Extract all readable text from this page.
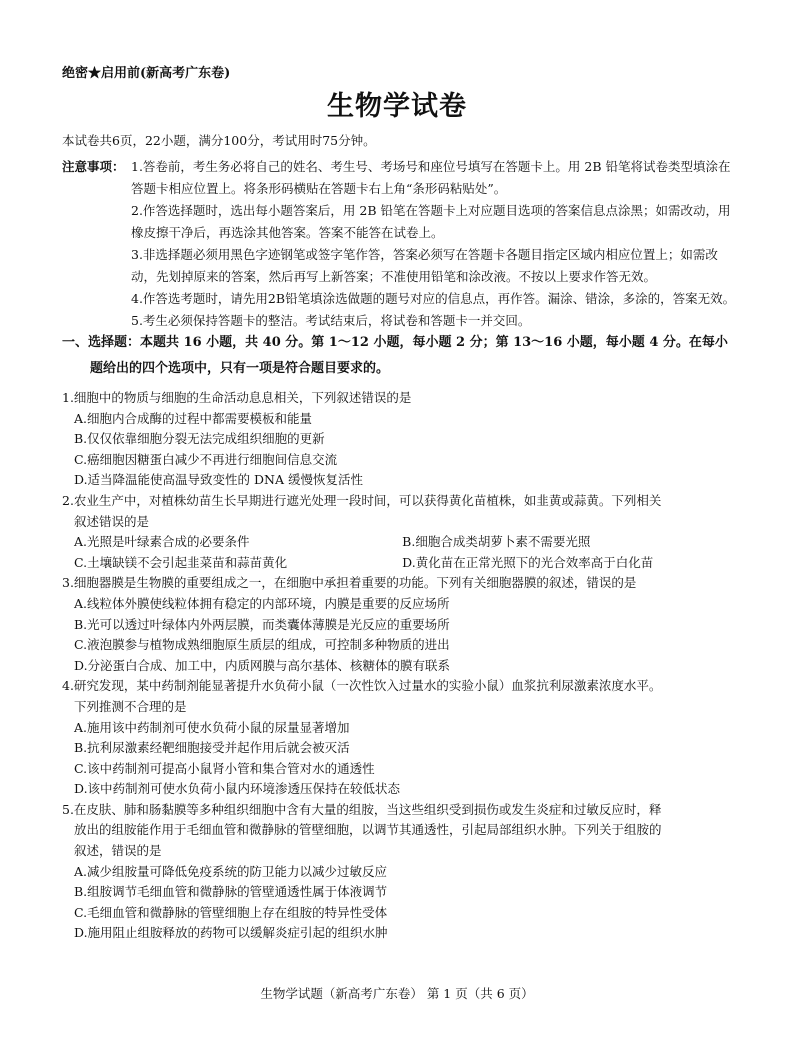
绝密★启用前(新高考广东卷)
生物学试卷
本试卷共6页，22小题，满分100分，考试用时75分钟。
注意事项： 1.答卷前，考生务必将自己的姓名、考生号、考场号和座位号填写在答题卡上。用 2B 铅笔将试卷类型填涂在答题卡相应位置上。将条形码横贴在答题卡右上角“条形码粘贴处”。
2.作答选择题时，选出每小题答案后，用 2B 铅笔在答题卡上对应题目选项的答案信息点涂黑；如需改动，用橡皮擦干净后，再选涂其他答案。答案不能答在试卷上。
3.非选择题必须用黑色字迹钢笔或签字笔作答，答案必须写在答题卡各题目指定区域内相应位置上；如需改动，先划掉原来的答案，然后再写上新答案；不准使用铅笔和涂改液。不按以上要求作答无效。
4.作答选考题时，请先用2B铅笔填涂选做题的题号对应的信息点，再作答。漏涂、错涂，多涂的，答案无效。
5.考生必须保持答题卡的整洁。考试结束后，将试卷和答题卡一并交回。
一、选择题：本题共 16 小题，共 40 分。第 1～12 小题，每小题 2 分；第 13～16 小题，每小题 4 分。在每小
题给出的四个选项中，只有一项是符合题目要求的。
1.细胞中的物质与细胞的生命活动息息相关，下列叙述错误的是
A.细胞内合成酶的过程中都需要模板和能量
B.仅仅依靠细胞分裂无法完成组织细胞的更新
C.癌细胞因糖蛋白减少不再进行细胞间信息交流
D.适当降温能使高温导致变性的 DNA 缓慢恢复活性
2.农业生产中，对植株幼苗生长早期进行遮光处理一段时间，可以获得黄化苗植株，如韭黄或蒜黄。下列相关
叙述错误的是
A.光照是叶绿素合成的必要条件	B.细胞合成类胡萝卜素不需要光照
C.土壤缺镁不会引起韭菜苗和蒜苗黄化	D.黄化苗在正常光照下的光合效率高于白化苗
3.细胞器膜是生物膜的重要组成之一，在细胞中承担着重要的功能。下列有关细胞器膜的叙述，错误的是
A.线粒体外膜使线粒体拥有稳定的内部环境，内膜是重要的反应场所
B.光可以透过叶绿体内外两层膜，而类囊体薄膜是光反应的重要场所
C.液泡膜参与植物成熟细胞原生质层的组成，可控制多种物质的进出
D.分泌蛋白合成、加工中，内质网膜与高尔基体、核糖体的膜有联系
4.研究发现，某中药制剂能显著提升水负荷小鼠（一次性饮入过量水的实验小鼠）血浆抗利尿激素浓度水平。
下列推测不合理的是
A.施用该中药制剂可使水负荷小鼠的尿量显著增加
B.抗利尿激素经靶细胞接受并起作用后就会被灭活
C.该中药制剂可提高小鼠肾小管和集合管对水的通透性
D.该中药制剂可使水负荷小鼠内环境渗透压保持在较低状态
5.在皮肤、肺和肠黏膜等多种组织细胞中含有大量的组胺，当这些组织受到损伤或发生炎症和过敏反应时，释
放出的组胺能作用于毛细血管和微静脉的管壁细胞，以调节其通透性，引起局部组织水肿。下列关于组胺的
叙述，错误的是
A.减少组胺量可降低免疫系统的防卫能力以减少过敏反应
B.组胺调节毛细血管和微静脉的管壁通透性属于体液调节
C.毛细血管和微静脉的管壁细胞上存在组胺的特异性受体
D.施用阻止组胺释放的药物可以缓解炎症引起的组织水肿
生物学试题（新高考广东卷） 第 1 页（共 6 页）
